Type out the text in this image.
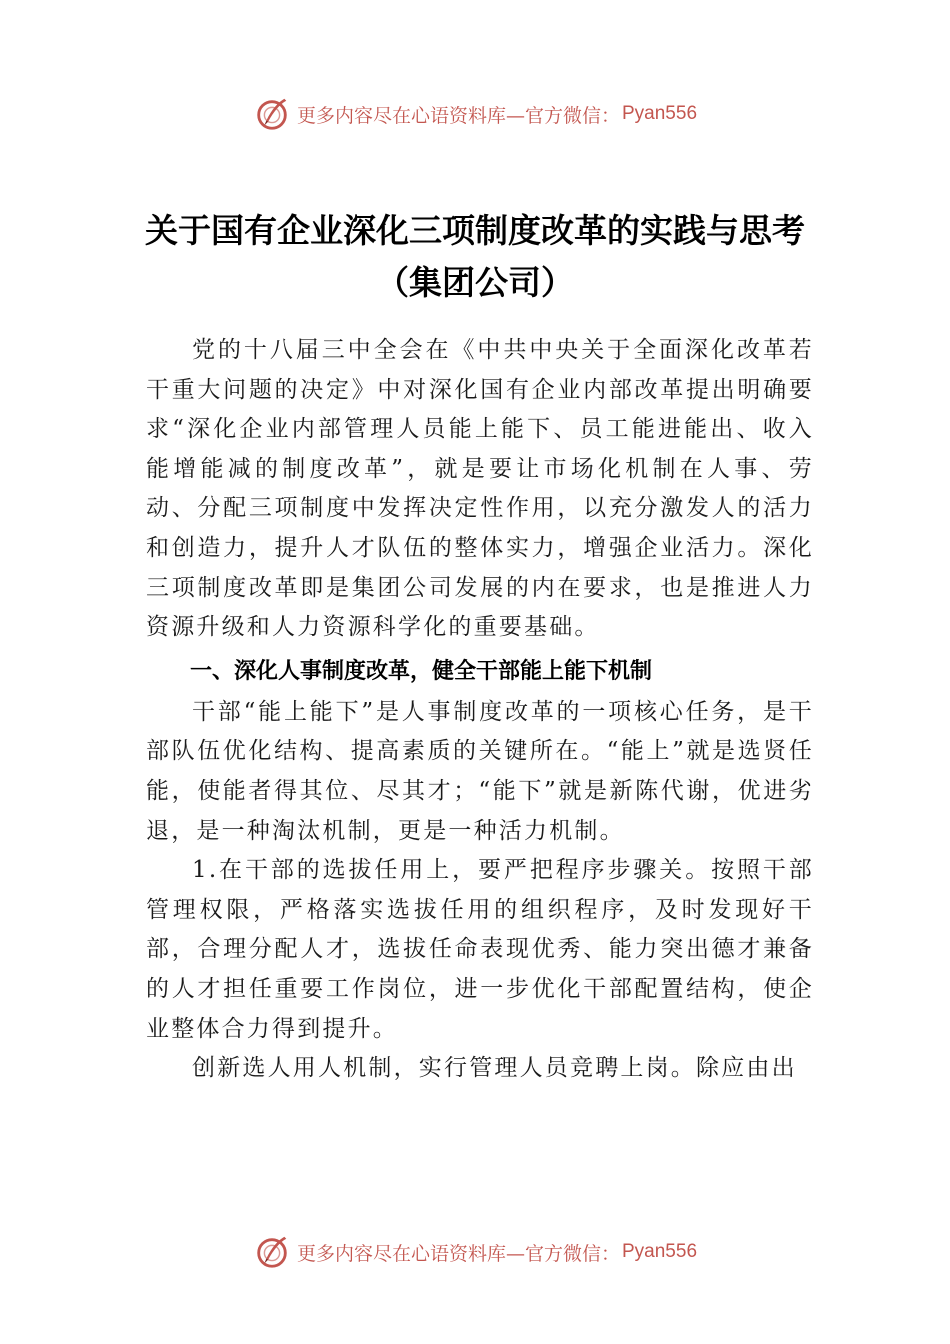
更多内容尽在心语资料库—官方微信： Pyan556
关于国有企业深化三项制度改革的实践与思考（集团公司）

党的十八届三中全会在《中共中央关于全面深化改革若干重大问题的决定》中对深化国有企业内部改革提出明确要求“深化企业内部管理人员能上能下、员工能进能出、收入能增能减的制度改革”，就是要让市场化机制在人事、劳动、分配三项制度中发挥决定性作用，以充分激发人的活力和创造力，提升人才队伍的整体实力，增强企业活力。深化三项制度改革即是集团公司发展的内在要求，也是推进人力资源升级和人力资源科学化的重要基础。

一、深化人事制度改革，健全干部能上能下机制

干部“能上能下”是人事制度改革的一项核心任务，是干部队伍优化结构、提高素质的关键所在。“能上”就是选贤任能，使能者得其位、尽其才；“能下”就是新陈代谢，优进劣退，是一种淘汰机制，更是一种活力机制。

1.在干部的选拔任用上，要严把程序步骤关。按照干部管理权限，严格落实选拔任用的组织程序，及时发现好干部，合理分配人才，选拔任命表现优秀、能力突出德才兼备的人才担任重要工作岗位，进一步优化干部配置结构，使企业整体合力得到提升。

创新选人用人机制，实行管理人员竞聘上岗。除应由出

更多内容尽在心语资料库—官方微信： Pyan556
